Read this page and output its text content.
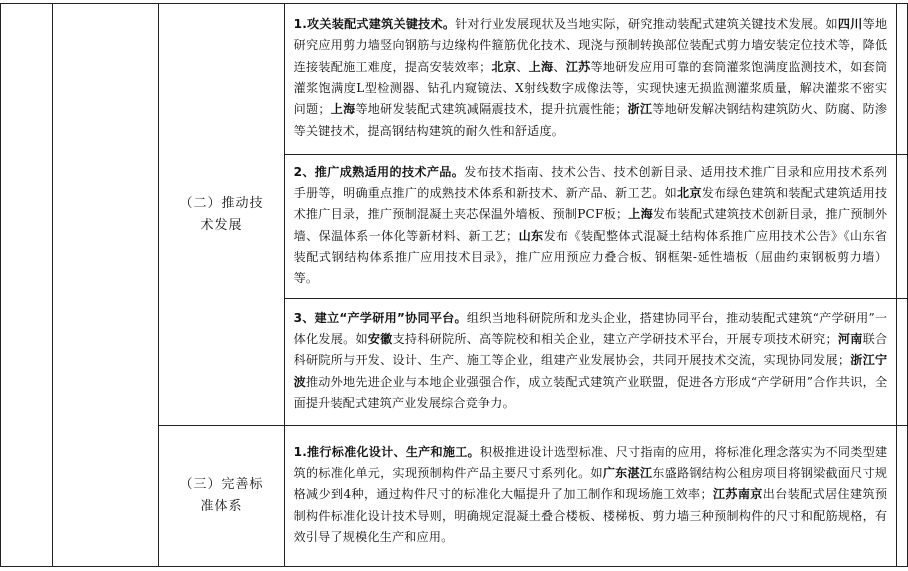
		（二）推动技术发展	1.攻关装配式建筑关键技术。针对行业发展现状及当地实际，研究推动装配式建筑关键技术发展。如四川等地研究应用剪力墙竖向钢筋与边缘构件箍筋优化技术、现浇与预制转换部位装配式剪力墙安装定位技术等，降低连接装配施工难度，提高安装效率；北京、上海、江苏等地研发应用可靠的套筒灌浆饱满度监测技术，如套筒灌浆饱满度L型检测器、钻孔内窥镜法、X射线数字成像法等，实现快速无损监测灌浆质量，解决灌浆不密实问题；上海等地研发装配式建筑减隔震技术，提升抗震性能；浙江等地研发解决钢结构建筑防火、防腐、防渗等关键技术，提高钢结构建筑的耐久性和舒适度。	

			2、推广成熟适用的技术产品。发布技术指南、技术公告、技术创新目录、适用技术推广目录和应用技术系列手册等，明确重点推广的成熟技术体系和新技术、新产品、新工艺。如北京发布绿色建筑和装配式建筑适用技术推广目录，推广预制混凝土夹芯保温外墙板、预制PCF板；上海发布装配式建筑技术创新目录，推广预制外墙、保温体系一体化等新材料、新工艺；山东发布《装配整体式混凝土结构体系推广应用技术公告》《山东省装配式钢结构体系推广应用技术目录》，推广应用预应力叠合板、钢框架-延性墙板（屈曲约束钢板剪力墙）等。	

			3、建立“产学研用”协同平台。组织当地科研院所和龙头企业，搭建协同平台，推动装配式建筑“产学研用”一体化发展。如安徽支持科研院所、高等院校和相关企业，建立产学研技术平台，开展专项技术研究；河南联合科研院所与开发、设计、生产、施工等企业，组建产业发展协会，共同开展技术交流，实现协同发展；浙江宁波推动外地先进企业与本地企业强强合作，成立装配式建筑产业联盟，促进各方形成“产学研用”合作共识，全面提升装配式建筑产业发展综合竞争力。	

		（三）完善标准体系	1.推行标准化设计、生产和施工。积极推进设计选型标准、尺寸指南的应用，将标准化理念落实为不同类型建筑的标准化单元，实现预制构件产品主要尺寸系列化。如广东湛江东盛路钢结构公租房项目将钢梁截面尺寸规格减少到4种，通过构件尺寸的标准化大幅提升了加工制作和现场施工效率；江苏南京出台装配式居住建筑预制构件标准化设计技术导则，明确规定混凝土叠合楼板、楼梯板、剪力墙三种预制构件的尺寸和配筋规格，有效引导了规模化生产和应用。	
